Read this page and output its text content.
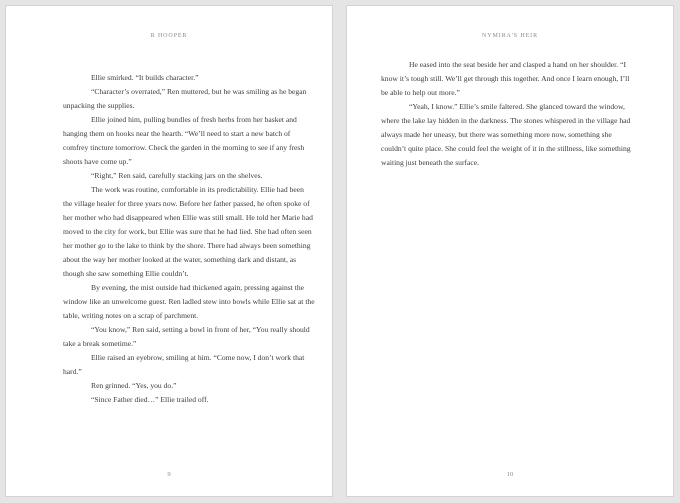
R HOOPER

Ellie smirked. “It builds character.”

“Character’s overrated,” Ren muttered, but he was smiling as he began unpacking the supplies.

Ellie joined him, pulling bundles of fresh herbs from her basket and hanging them on hooks near the hearth. “We’ll need to start a new batch of comfrey tincture tomorrow. Check the garden in the morning to see if any fresh shoots have come up.”

“Right,” Ren said, carefully stacking jars on the shelves.

The work was routine, comfortable in its predictability. Ellie had been the village healer for three years now. Before her father passed, he often spoke of her mother who had disappeared when Ellie was still small. He told her Marie had moved to the city for work, but Ellie was sure that he had lied. She had often seen her mother go to the lake to think by the shore. There had always been something about the way her mother looked at the water, something dark and distant, as though she saw something Ellie couldn’t.

By evening, the mist outside had thickened again, pressing against the window like an unwelcome guest. Ren ladled stew into bowls while Ellie sat at the table, writing notes on a scrap of parchment.

“You know,” Ren said, setting a bowl in front of her, “You really should take a break sometime.”

Ellie raised an eyebrow, smiling at him. “Come now, I don’t work that hard.”

Ren grinned. “Yes, you do.”

“Since Father died…” Ellie trailed off.

9
NYMIRA'S HEIR

He eased into the seat beside her and clasped a hand on her shoulder. “I know it’s tough still. We’ll get through this together. And once I learn enough, I’ll be able to help out more.”

“Yeah, I know.” Ellie’s smile faltered. She glanced toward the window, where the lake lay hidden in the darkness. The stones whispered in the village had always made her uneasy, but there was something more now, something she couldn’t quite place. She could feel the weight of it in the stillness, like something waiting just beneath the surface.

10
